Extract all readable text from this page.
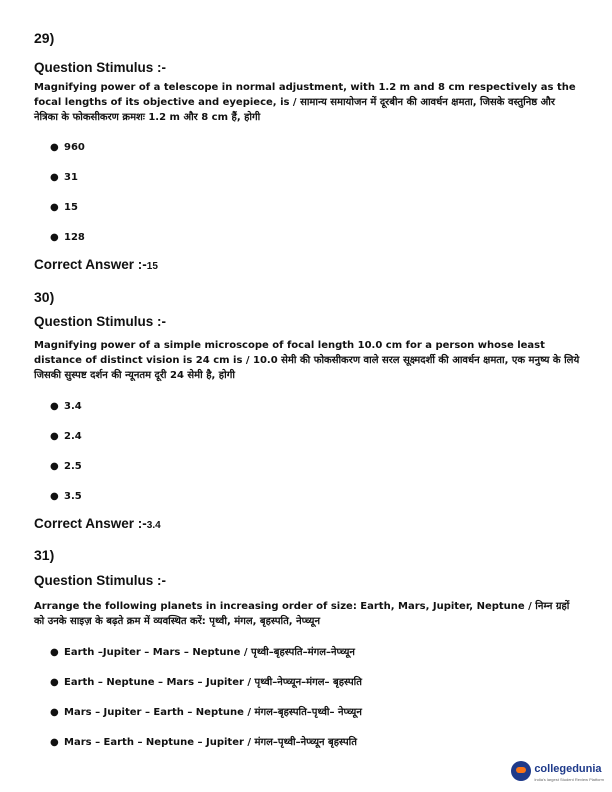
29)
Question Stimulus :-
Magnifying power of a telescope in normal adjustment, with 1.2 m and 8 cm respectively as the focal lengths of its objective and eyepiece, is / सामान्य समायोजन में दूरबीन की आवर्धन क्षमता, जिसके वस्तुनिष्ठ और नेत्रिका के फोकसीकरण क्रमशः 1.2 m और 8 cm हैं, होगी
● 960
● 31
● 15
● 128
Correct Answer :-15
30)
Question Stimulus :-
Magnifying power of a simple microscope of focal length 10.0 cm for a person whose least distance of distinct vision is 24 cm is / 10.0 सेमी की फोकसीकरण वाले सरल सूक्ष्मदर्शी की आवर्धन क्षमता, एक मनुष्य के लिये जिसकी सुस्पष्ट दर्शन की न्यूनतम दूरी 24 सेमी है, होगी
● 3.4
● 2.4
● 2.5
● 3.5
Correct Answer :-3.4
31)
Question Stimulus :-
Arrange the following planets in increasing order of size: Earth, Mars, Jupiter, Neptune / निम्न ग्रहों को उनके साइज़ के बढ़ते क्रम में व्यवस्थित करें: पृथ्वी, मंगल, बृहस्पति, नेप्च्यून
● Earth –Jupiter – Mars – Neptune / पृथ्वी–बृहस्पति–मंगल–नेप्च्यून
● Earth – Neptune – Mars – Jupiter / पृथ्वी–नेप्च्यून–मंगल– बृहस्पति
● Mars – Jupiter – Earth – Neptune / मंगल–बृहस्पति–पृथ्वी– नेप्च्यून
● Mars – Earth – Neptune – Jupiter / मंगल–पृथ्वी–नेप्च्यून बृहस्पति
collegedunia
India's largest Student Review Platform
